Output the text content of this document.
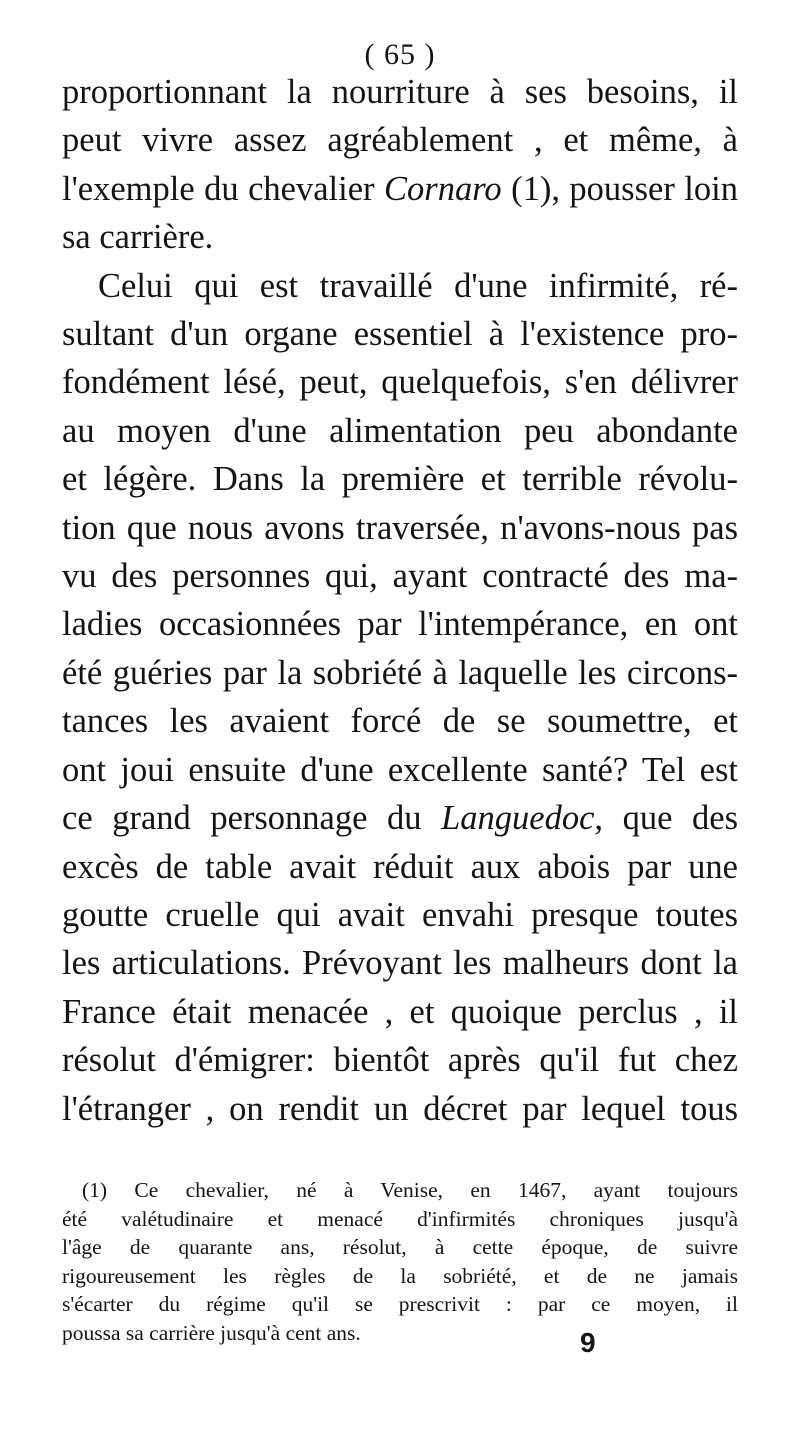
( 65 )
proportionnant la nourriture à ses besoins, il
peut vivre assez agréablement , et même, à
l'exemple du chevalier Cornaro (1), pousser loin
sa carrière.
Celui qui est travaillé d'une infirmité, ré-
sultant d'un organe essentiel à l'existence pro-
fondément lésé, peut, quelquefois, s'en délivrer
au moyen d'une alimentation peu abondante
et légère. Dans la première et terrible révolu-
tion que nous avons traversée, n'avons-nous pas
vu des personnes qui, ayant contracté des ma-
ladies occasionnées par l'intempérance, en ont
été guéries par la sobriété à laquelle les circons-
tances les avaient forcé de se soumettre, et
ont joui ensuite d'une excellente santé? Tel est
ce grand personnage du Languedoc, que des
excès de table avait réduit aux abois par une
goutte cruelle qui avait envahi presque toutes
les articulations. Prévoyant les malheurs dont la
France était menacée , et quoique perclus , il
résolut d'émigrer: bientôt après qu'il fut chez
l'étranger , on rendit un décret par lequel tous
(1) Ce chevalier, né à Venise, en 1467, ayant toujours
été valétudinaire et menacé d'infirmités chroniques jusqu'à
l'âge de quarante ans, résolut, à cette époque, de suivre
rigoureusement les règles de la sobriété, et de ne jamais
s'écarter du régime qu'il se prescrivit : par ce moyen, il
poussa sa carrière jusqu'à cent ans.	9
